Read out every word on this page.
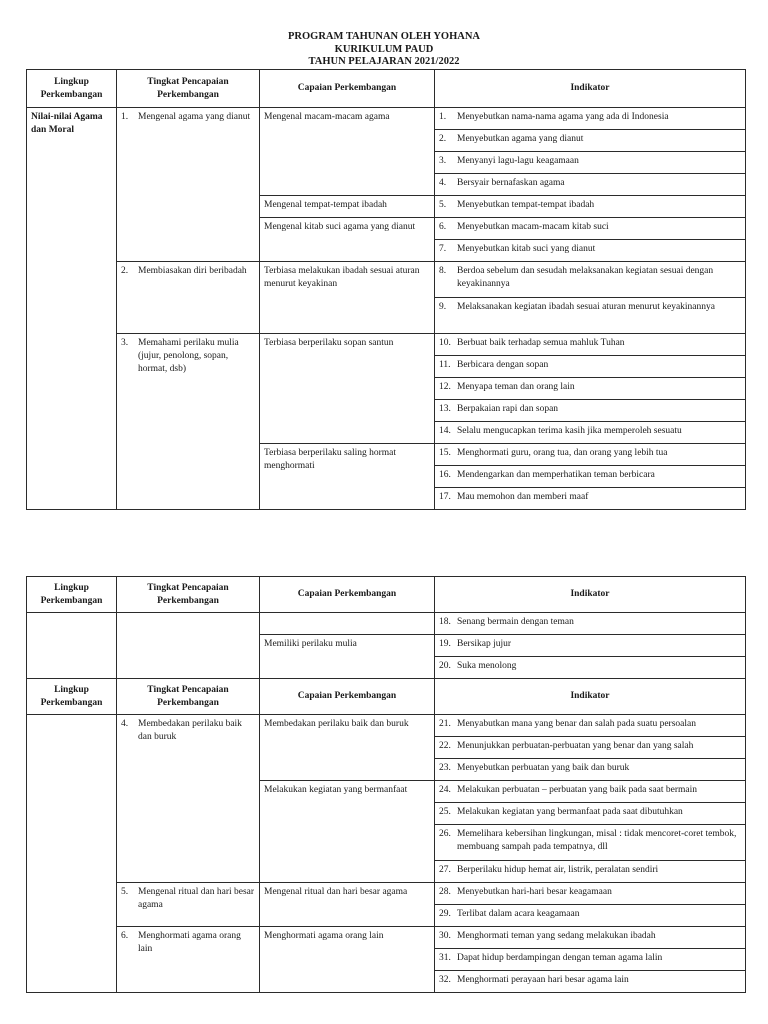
PROGRAM TAHUNAN OLEH YOHANA
KURIKULUM PAUD
TAHUN PELAJARAN 2021/2022
Lingkup Perkembangan	Tingkat Pencapaian Perkembangan	Capaian Perkembangan	Indikator
Nilai-nilai Agama dan Moral	1. Mengenal agama yang dianut	Mengenal macam-macam agama	1. Menyebutkan nama-nama agama yang ada di Indonesia

			2. Menyebutkan agama yang dianut

			3. Menyanyi lagu-lagu keagamaan

			4. Bersyair bernafaskan agama

		Mengenal tempat-tempat ibadah	5. Menyebutkan tempat-tempat ibadah

		Mengenal kitab suci agama yang dianut	6. Menyebutkan macam-macam kitab suci

			7. Menyebutkan kitab suci yang dianut

	2. Membiasakan diri beribadah	Terbiasa melakukan ibadah sesuai aturan menurut keyakinan	8. Berdoa sebelum dan sesudah melaksanakan kegiatan sesuai dengan keyakinannya

			9. Melaksanakan kegiatan ibadah sesuai aturan menurut keyakinannya

	3. Memahami perilaku mulia (jujur, penolong, sopan, hormat, dsb)	Terbiasa berperilaku sopan santun	10. Berbuat baik terhadap semua mahluk Tuhan

			11. Berbicara dengan sopan

			12. Menyapa teman dan orang lain

			13. Berpakaian rapi dan sopan

			14. Selalu mengucapkan terima kasih jika memperoleh sesuatu

		Terbiasa berperilaku saling hormat menghormati	15. Menghormati guru, orang tua, dan orang yang lebih tua

			16. Mendengarkan dan memperhatikan teman berbicara

			17. Mau memohon dan memberi maaf
Lingkup Perkembangan	Tingkat Pencapaian Perkembangan	Capaian Perkembangan	Indikator

			18. Senang bermain dengan teman

		Memiliki perilaku mulia	19. Bersikap jujur

			20. Suka menolong

Lingkup Perkembangan	Tingkat Pencapaian Perkembangan	Capaian Perkembangan	Indikator

	4. Membedakan perilaku baik dan buruk	Membedakan perilaku baik dan buruk	21. Menyabutkan mana yang benar dan salah pada suatu persoalan

			22. Menunjukkan perbuatan-perbuatan yang benar dan yang salah

			23. Menyebutkan perbuatan yang baik dan buruk

		Melakukan kegiatan yang bermanfaat	24. Melakukan perbuatan – perbuatan yang baik pada saat bermain

			25. Melakukan kegiatan yang bermanfaat pada saat dibutuhkan

			26. Memelihara kebersihan lingkungan, misal : tidak mencoret-coret tembok, membuang sampah pada tempatnya, dll

			27. Berperilaku hidup hemat air, listrik, peralatan sendiri

	5. Mengenal ritual dan hari besar agama	Mengenal ritual dan hari besar agama	28. Menyebutkan hari-hari besar keagamaan

			29. Terlibat dalam acara keagamaan

	6. Menghormati agama orang lain	Menghormati agama orang lain	30. Menghormati teman yang sedang melakukan ibadah

			31. Dapat hidup berdampingan dengan teman agama lalin

			32. Menghormati perayaan hari besar agama lain
